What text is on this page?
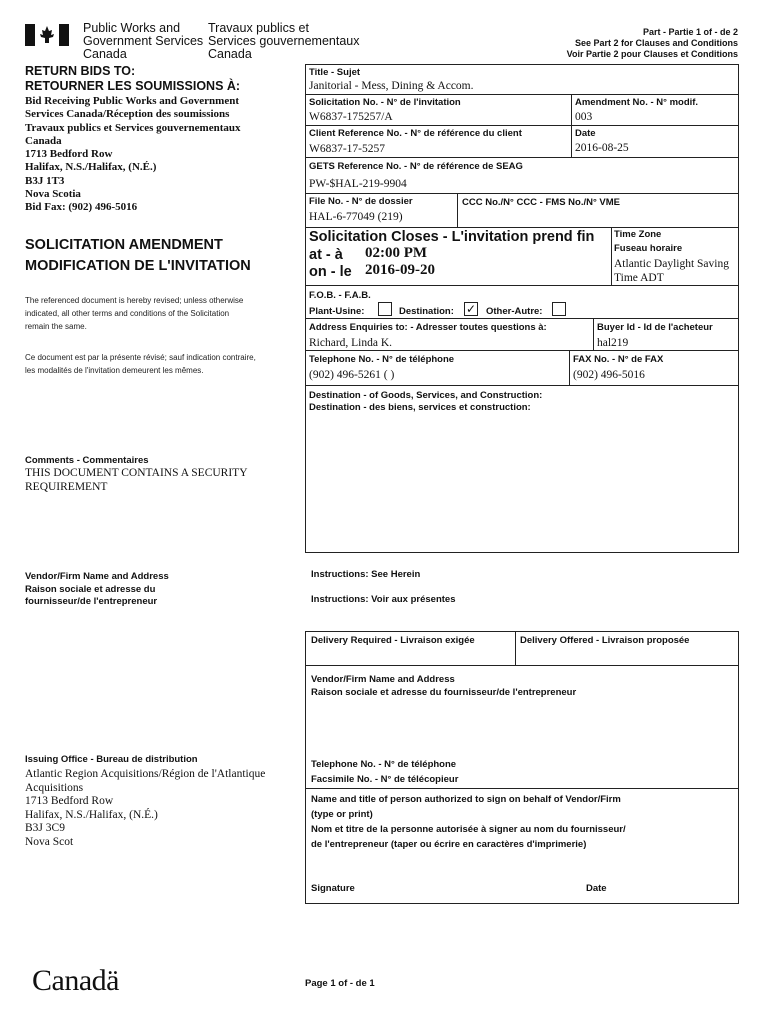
Public Works and
Government Services
Canada
Travaux publics et
Services gouvernementaux
Canada
Part - Partie 1 of - de 2
See Part 2 for Clauses and Conditions
Voir Partie 2 pour Clauses et Conditions
RETURN BIDS TO:
RETOURNER LES SOUMISSIONS À:
Bid Receiving Public Works and Government
Services Canada/Réception des soumissions
Travaux publics et Services gouvernementaux
Canada
1713 Bedford Row
Halifax, N.S./Halifax, (N.É.)
B3J 1T3
Nova Scotia
Bid Fax: (902) 496-5016
SOLICITATION AMENDMENT
MODIFICATION DE L'INVITATION
The referenced document is hereby revised; unless otherwise
indicated, all other terms and conditions of the Solicitation
remain the same.
Ce document est par la présente révisé; sauf indication contraire,
les modalités de l'invitation demeurent les mêmes.
Comments - Commentaires
THIS DOCUMENT CONTAINS A SECURITY
REQUIREMENT
Vendor/Firm Name and Address
Raison sociale et adresse du
fournisseur/de l'entrepreneur
Issuing Office - Bureau de distribution
Atlantic Region Acquisitions/Région de l'Atlantique
Acquisitions
1713 Bedford Row
Halifax, N.S./Halifax, (N.É.)
B3J 3C9
Nova Scot
Title - Sujet
Janitorial - Mess, Dining & Accom.
Solicitation No. - N° de l'invitation
W6837-175257/A
Amendment No. - N° modif.
003
Client Reference No. - N° de référence du client
W6837-17-5257
Date
2016-08-25
GETS Reference No. - N° de référence de SEAG
PW-$HAL-219-9904
File No. - N° de dossier
HAL-6-77049 (219)
CCC No./N° CCC - FMS No./N° VME
Solicitation Closes - L'invitation prend fin
at - à 02:00 PM
on - le 2016-09-20
Time Zone
Fuseau horaire
Atlantic Daylight Saving
Time ADT
F.O.B. - F.A.B.
Plant-Usine:	Destination: ✓ Other-Autre:
Address Enquiries to: - Adresser toutes questions à:
Richard, Linda K.
Buyer Id - Id de l'acheteur
hal219
Telephone No. - N° de téléphone
(902) 496-5261 ( )
FAX No. - N° de FAX
(902) 496-5016
Destination - of Goods, Services, and Construction:
Destination - des biens, services et construction:
Instructions: See Herein
Instructions: Voir aux présentes
Delivery Required - Livraison exigée	Delivery Offered - Livraison proposée
Vendor/Firm Name and Address
Raison sociale et adresse du fournisseur/de l'entrepreneur
Telephone No. - N° de téléphone
Facsimile No. - N° de télécopieur
Name and title of person authorized to sign on behalf of Vendor/Firm
(type or print)
Nom et titre de la personne autorisée à signer au nom du fournisseur/
de l'entrepreneur (taper ou écrire en caractères d'imprimerie)
Signature	Date
Canadä	Page 1 of - de 1
